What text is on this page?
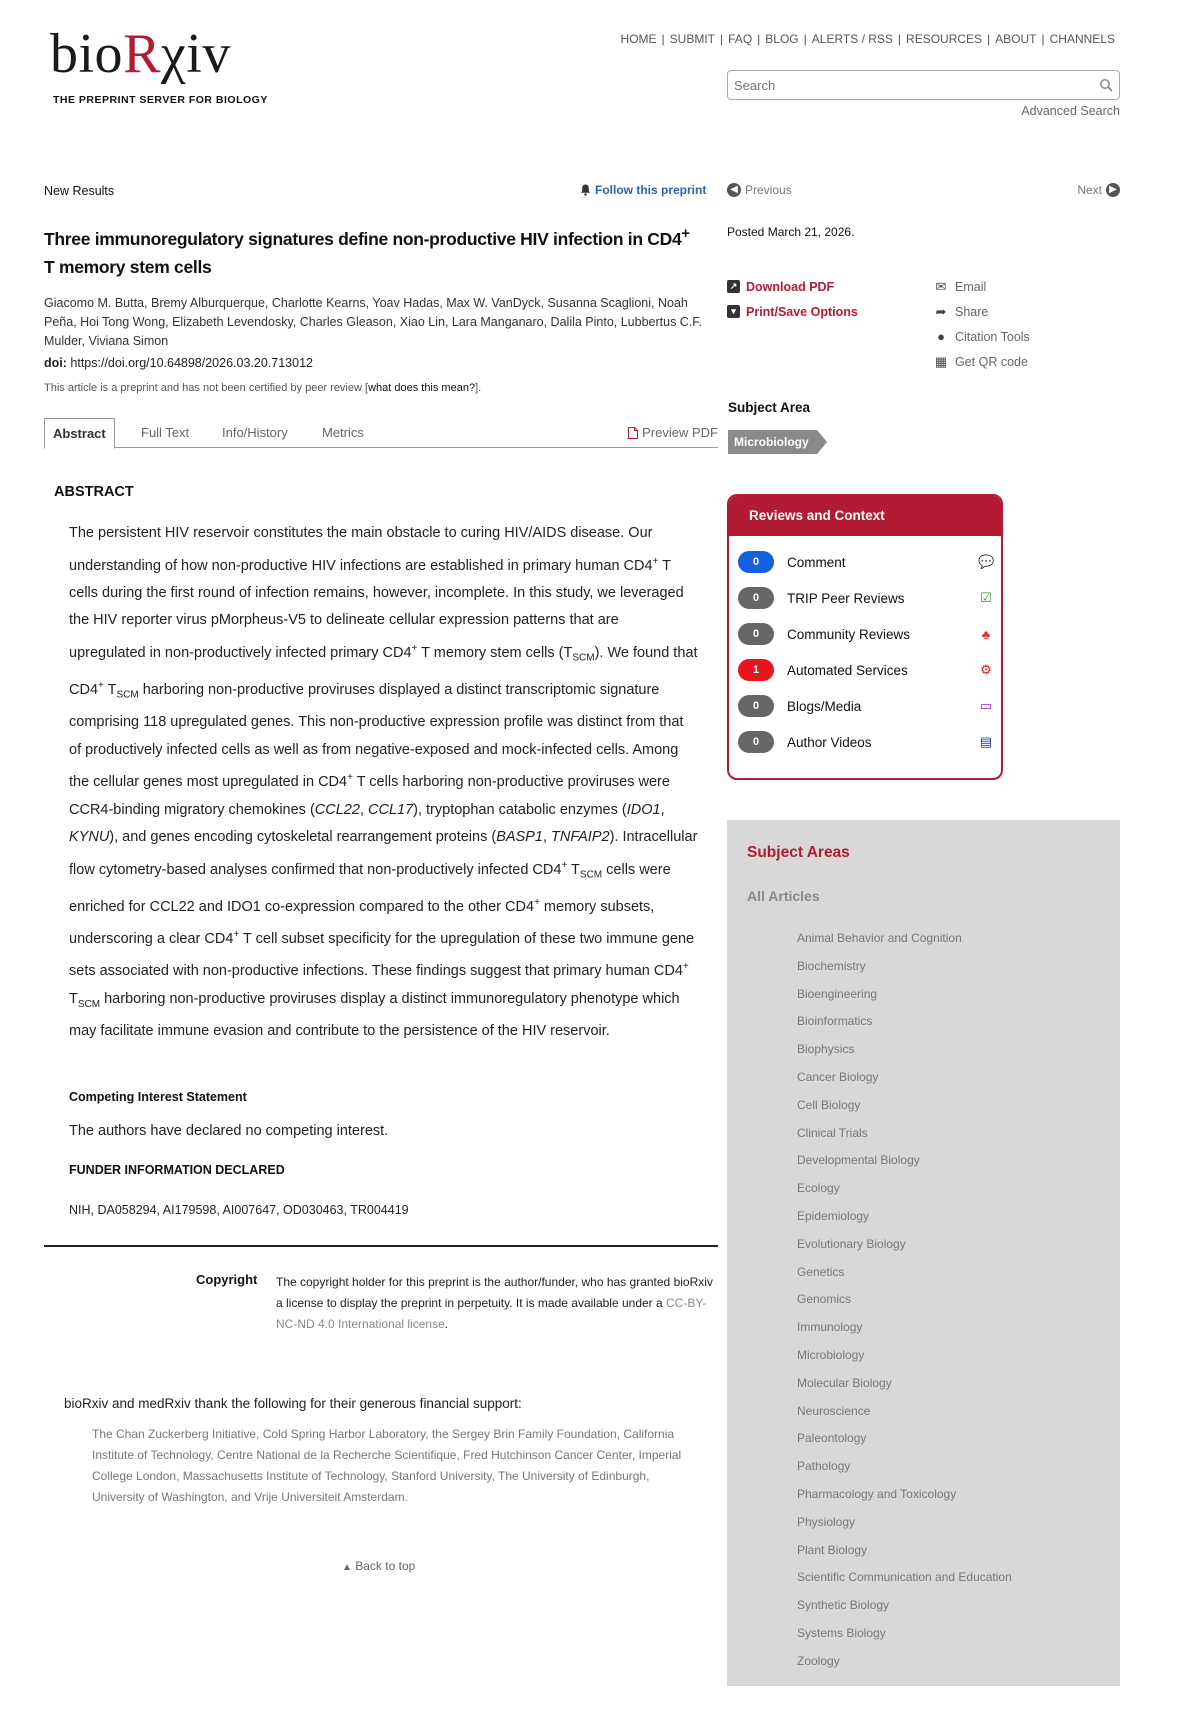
bioRχiv
THE PREPRINT SERVER FOR BIOLOGY
HOME | SUBMIT | FAQ | BLOG | ALERTS / RSS | RESOURCES | ABOUT | CHANNELS
Search
Advanced Search
New Results	Follow this preprint
Three immunoregulatory signatures define non-productive HIV infection in CD4+
T memory stem cells
Giacomo M. Butta, Bremy Alburquerque, Charlotte Kearns, Yoav Hadas, Max W. VanDyck, Susanna Scaglioni, Noah Peña, Hoi Tong Wong, Elizabeth Levendosky, Charles Gleason, Xiao Lin, Lara Manganaro, Dalila Pinto, Lubbertus C.F. Mulder, Viviana Simon
doi: https://doi.org/10.64898/2026.03.20.713012
This article is a preprint and has not been certified by peer review [what does this mean?].
Abstract	Full Text	Info/History	Metrics	Preview PDF
ABSTRACT
The persistent HIV reservoir constitutes the main obstacle to curing HIV/AIDS disease. Our understanding of how non-productive HIV infections are established in primary human CD4+ T cells during the first round of infection remains, however, incomplete. In this study, we leveraged the HIV reporter virus pMorpheus-V5 to delineate cellular expression patterns that are upregulated in non-productively infected primary CD4+ T memory stem cells $(T_{SCM})$. We found that CD4+ $T_{SCM}$ harboring non-productive proviruses displayed a distinct transcriptomic signature comprising 118 upregulated genes. This non-productive expression profile was distinct from that of productively infected cells as well as from negative-exposed and mock-infected cells. Among the cellular genes most upregulated in CD4+ T cells harboring non-productive proviruses were CCR4-binding migratory chemokines (CCL22, CCL17), tryptophan catabolic enzymes (IDO1, KYNU), and genes encoding cytoskeletal rearrangement proteins (BASP1, TNFAIP2). Intracellular flow cytometry-based analyses confirmed that non-productively infected CD4+ $T_{SCM}$ cells were enriched for CCL22 and IDO1 co-expression compared to the other CD4+ memory subsets, underscoring a clear CD4+ T cell subset specificity for the upregulation of these two immune gene sets associated with non-productive infections. These findings suggest that primary human CD4+ $T_{SCM}$ harboring non-productive proviruses display a distinct immunoregulatory phenotype which may facilitate immune evasion and contribute to the persistence of the HIV reservoir.
Competing Interest Statement
The authors have declared no competing interest.
FUNDER INFORMATION DECLARED
NIH, DA058294, AI179598, AI007647, OD030463, TR004419
Copyright The copyright holder for this preprint is the author/funder, who has granted bioRxiv a license to display the preprint in perpetuity. It is made available under a CC-BY-NC-ND 4.0 International license.
bioRxiv and medRxiv thank the following for their generous financial support:
The Chan Zuckerberg Initiative, Cold Spring Harbor Laboratory, the Sergey Brin Family Foundation, California Institute of Technology, Centre National de la Recherche Scientifique, Fred Hutchinson Cancer Center, Imperial College London, Massachusetts Institute of Technology, Stanford University, The University of Edinburgh, University of Washington, and Vrije Universiteit Amsterdam.
▲ Back to top
◀ Previous	Next ▶
Posted March 21, 2026.
↗ Download PDF
▾ Print/Save Options
✉ Email
➦ Share
● Citation Tools
▦ Get QR code
Subject Area
Microbiology
Reviews and Context
0	Comment	💬
0	TRIP Peer Reviews	☑
0	Community Reviews	♣
1	Automated Services	⚙
0	Blogs/Media	▭
0	Author Videos	▤
Subject Areas
All Articles
Animal Behavior and Cognition
Biochemistry
Bioengineering
Bioinformatics
Biophysics
Cancer Biology
Cell Biology
Clinical Trials
Developmental Biology
Ecology
Epidemiology
Evolutionary Biology
Genetics
Genomics
Immunology
Microbiology
Molecular Biology
Neuroscience
Paleontology
Pathology
Pharmacology and Toxicology
Physiology
Plant Biology
Scientific Communication and Education
Synthetic Biology
Systems Biology
Zoology
